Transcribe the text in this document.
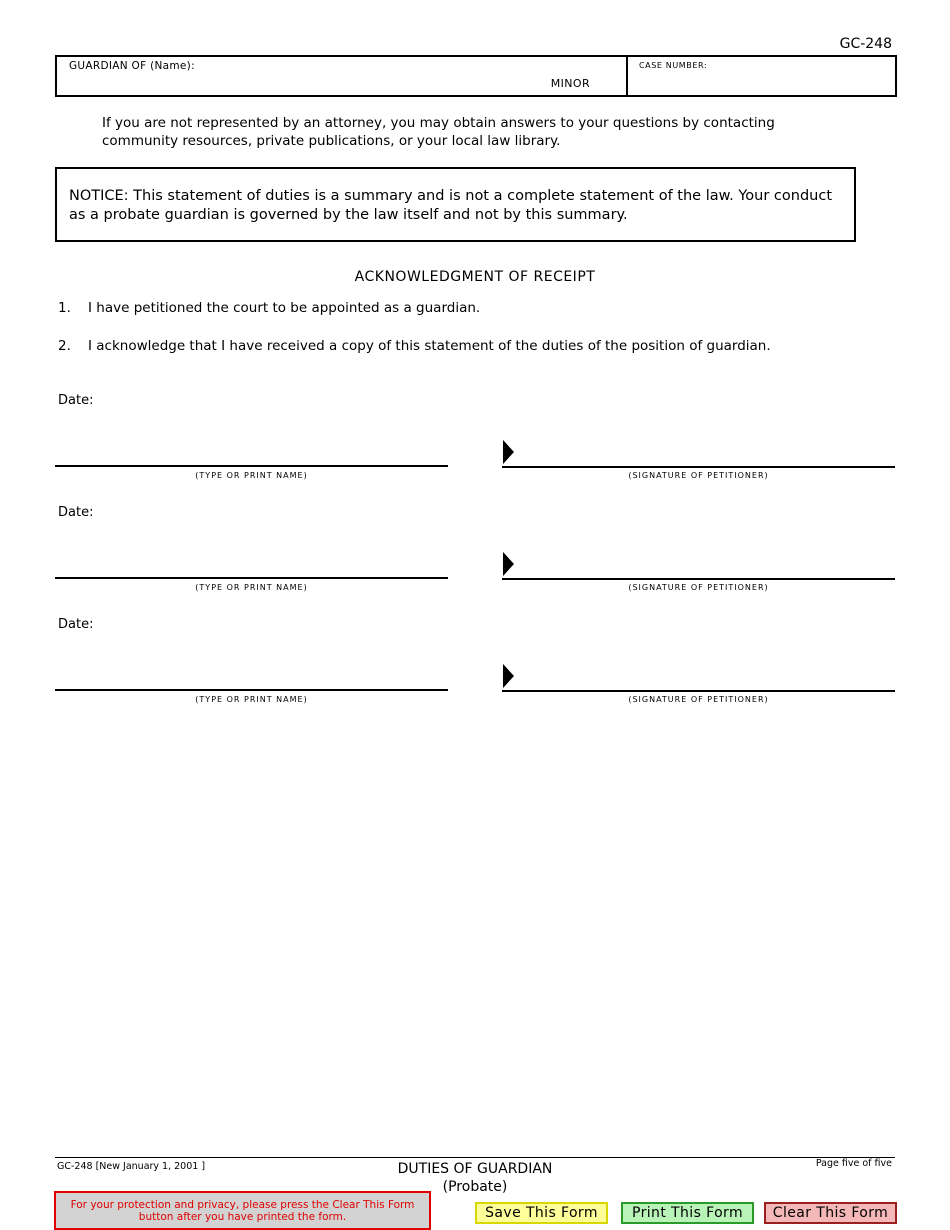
GC-248
GUARDIAN OF (Name):
MINOR
CASE NUMBER:
If you are not represented by an attorney, you may obtain answers to your questions by contacting community resources, private publications, or your local law library.
NOTICE: This statement of duties is a summary and is not a complete statement of the law. Your conduct as a probate guardian is governed by the law itself and not by this summary.
ACKNOWLEDGMENT OF RECEIPT
1. I have petitioned the court to be appointed as a guardian.
2. I acknowledge that I have received a copy of this statement of the duties of the position of guardian.
Date:
(TYPE OR PRINT NAME)	(SIGNATURE OF PETITIONER)
Date:
(TYPE OR PRINT NAME)	(SIGNATURE OF PETITIONER)
Date:
(TYPE OR PRINT NAME)	(SIGNATURE OF PETITIONER)
GC-248 [New January 1, 2001 ]	DUTIES OF GUARDIAN
(Probate)
Page five of five
For your protection and privacy, please press the Clear This Form button after you have printed the form.	Save This Form	Print This Form	Clear This Form
